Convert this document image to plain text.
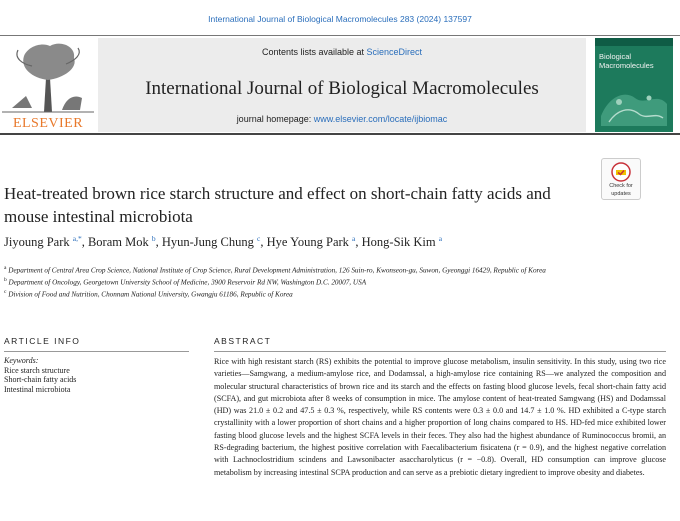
International Journal of Biological Macromolecules 283 (2024) 137597
ELSEVIER
Contents lists available at ScienceDirect
International Journal of Biological Macromolecules
journal homepage: www.elsevier.com/locate/ijbiomac
Biological
Macromolecules
Check for
updates
Heat-treated brown rice starch structure and effect on short-chain fatty acids and mouse intestinal microbiota
Jiyoung Park $^{a,*}$, Boram Mok $^b$, Hyun-Jung Chung $^c$, Hye Young Park $^a$, Hong-Sik Kim $^a$
$^a$ Department of Central Area Crop Science, National Institute of Crop Science, Rural Development Administration, 126 Suin-ro, Kwonseon-gu, Suwon, Gyeonggi 16429, Republic of Korea
$^b$ Department of Oncology, Georgetown University School of Medicine, 3900 Reservoir Rd NW, Washington D.C. 20007, USA
$^c$ Division of Food and Nutrition, Chonnam National University, Gwangju 61186, Republic of Korea
ARTICLE INFO
Keywords:
Rice starch structure
Short-chain fatty acids
Intestinal microbiota
ABSTRACT
Rice with high resistant starch (RS) exhibits the potential to improve glucose metabolism, insulin sensitivity. In this study, using two rice varieties—Samgwang, a medium-amylose rice, and Dodamssal, a high-amylose rice containing RS—we analyzed the composition and molecular structural characteristics of brown rice and its starch and the effects on fasting blood glucose levels, fecal short-chain fatty acid (SCFA), and gut microbiota after 8 weeks of consumption in mice. The amylose content of heat-treated Samgwang (HS) and Dodamssal (HD) was 21.0 ± 0.2 and 47.5 ± 0.3 %, respectively, while RS contents were 0.3 ± 0.0 and 14.7 ± 1.0 %. HD exhibited a C-type starch crystallinity with a lower proportion of short chains and a higher proportion of long chains compared to HS. HD-fed mice exhibited lower fasting blood glucose levels and the highest SCFA levels in their feces. They also had the highest abundance of Ruminococcus bromii, an RS-degrading bacterium, the highest positive correlation with Faecalibacterium fisicatena (r = 0.9), and the highest negative correlation with Lachnoclostridium scindens and Lawsonibacter asaccharolyticus (r = −0.8). Overall, HD consumption can improve glucose metabolism by increasing intestinal SCPA production and can serve as a prebiotic dietary ingredient to improve obesity and diabetes.
